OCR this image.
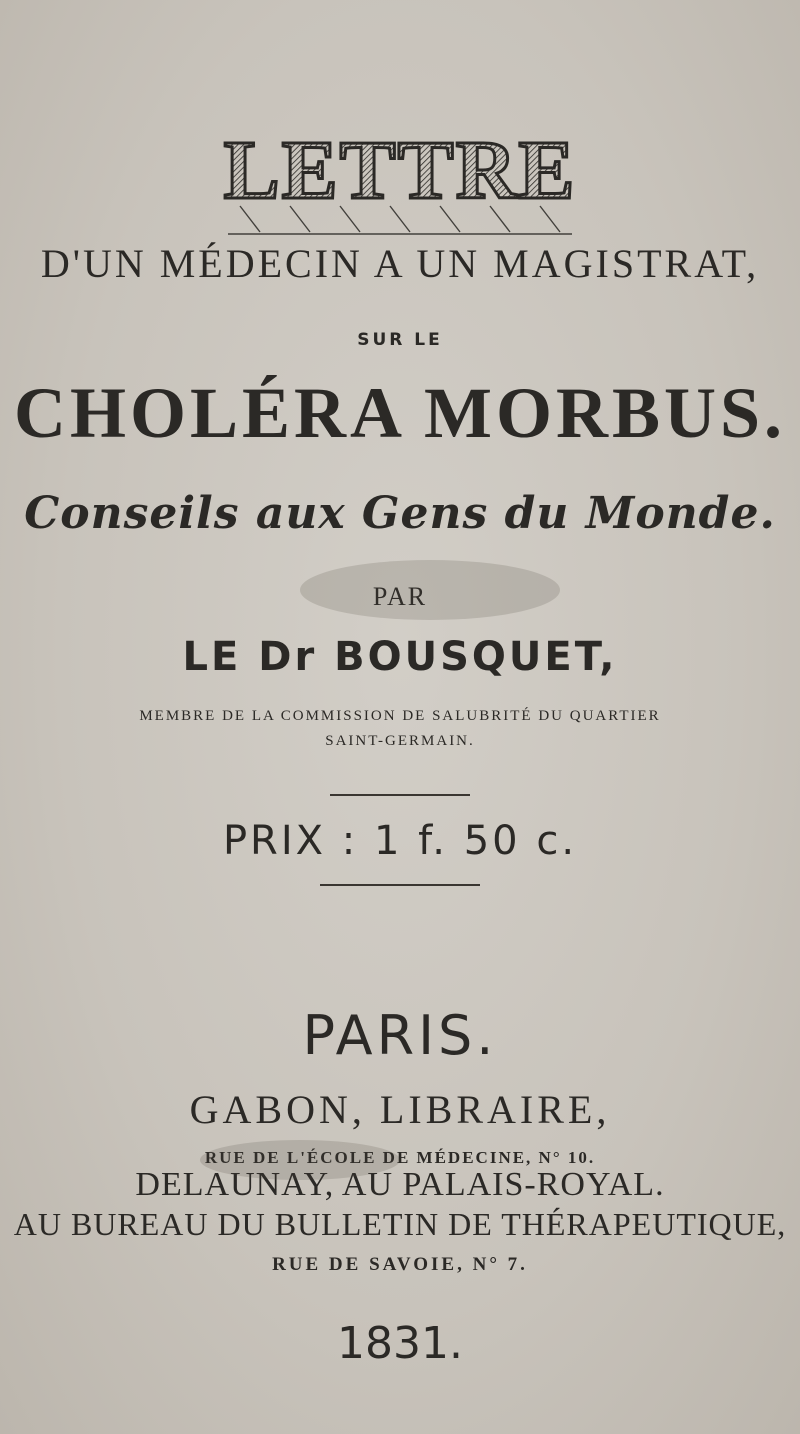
LETTRE
D'UN MÉDECIN A UN MAGISTRAT,
SUR LE
CHOLÉRA MORBUS.
Conseils aux Gens du Monde.
PAR
LE Dr BOUSQUET,
MEMBRE DE LA COMMISSION DE SALUBRITÉ DU QUARTIER
SAINT-GERMAIN.
PRIX : 1 f. 50 c.
PARIS.
GABON, LIBRAIRE,
RUE DE L'ÉCOLE DE MÉDECINE, N° 10.
DELAUNAY, AU PALAIS-ROYAL.
AU BUREAU DU BULLETIN DE THÉRAPEUTIQUE,
RUE DE SAVOIE, N° 7.
1831.
